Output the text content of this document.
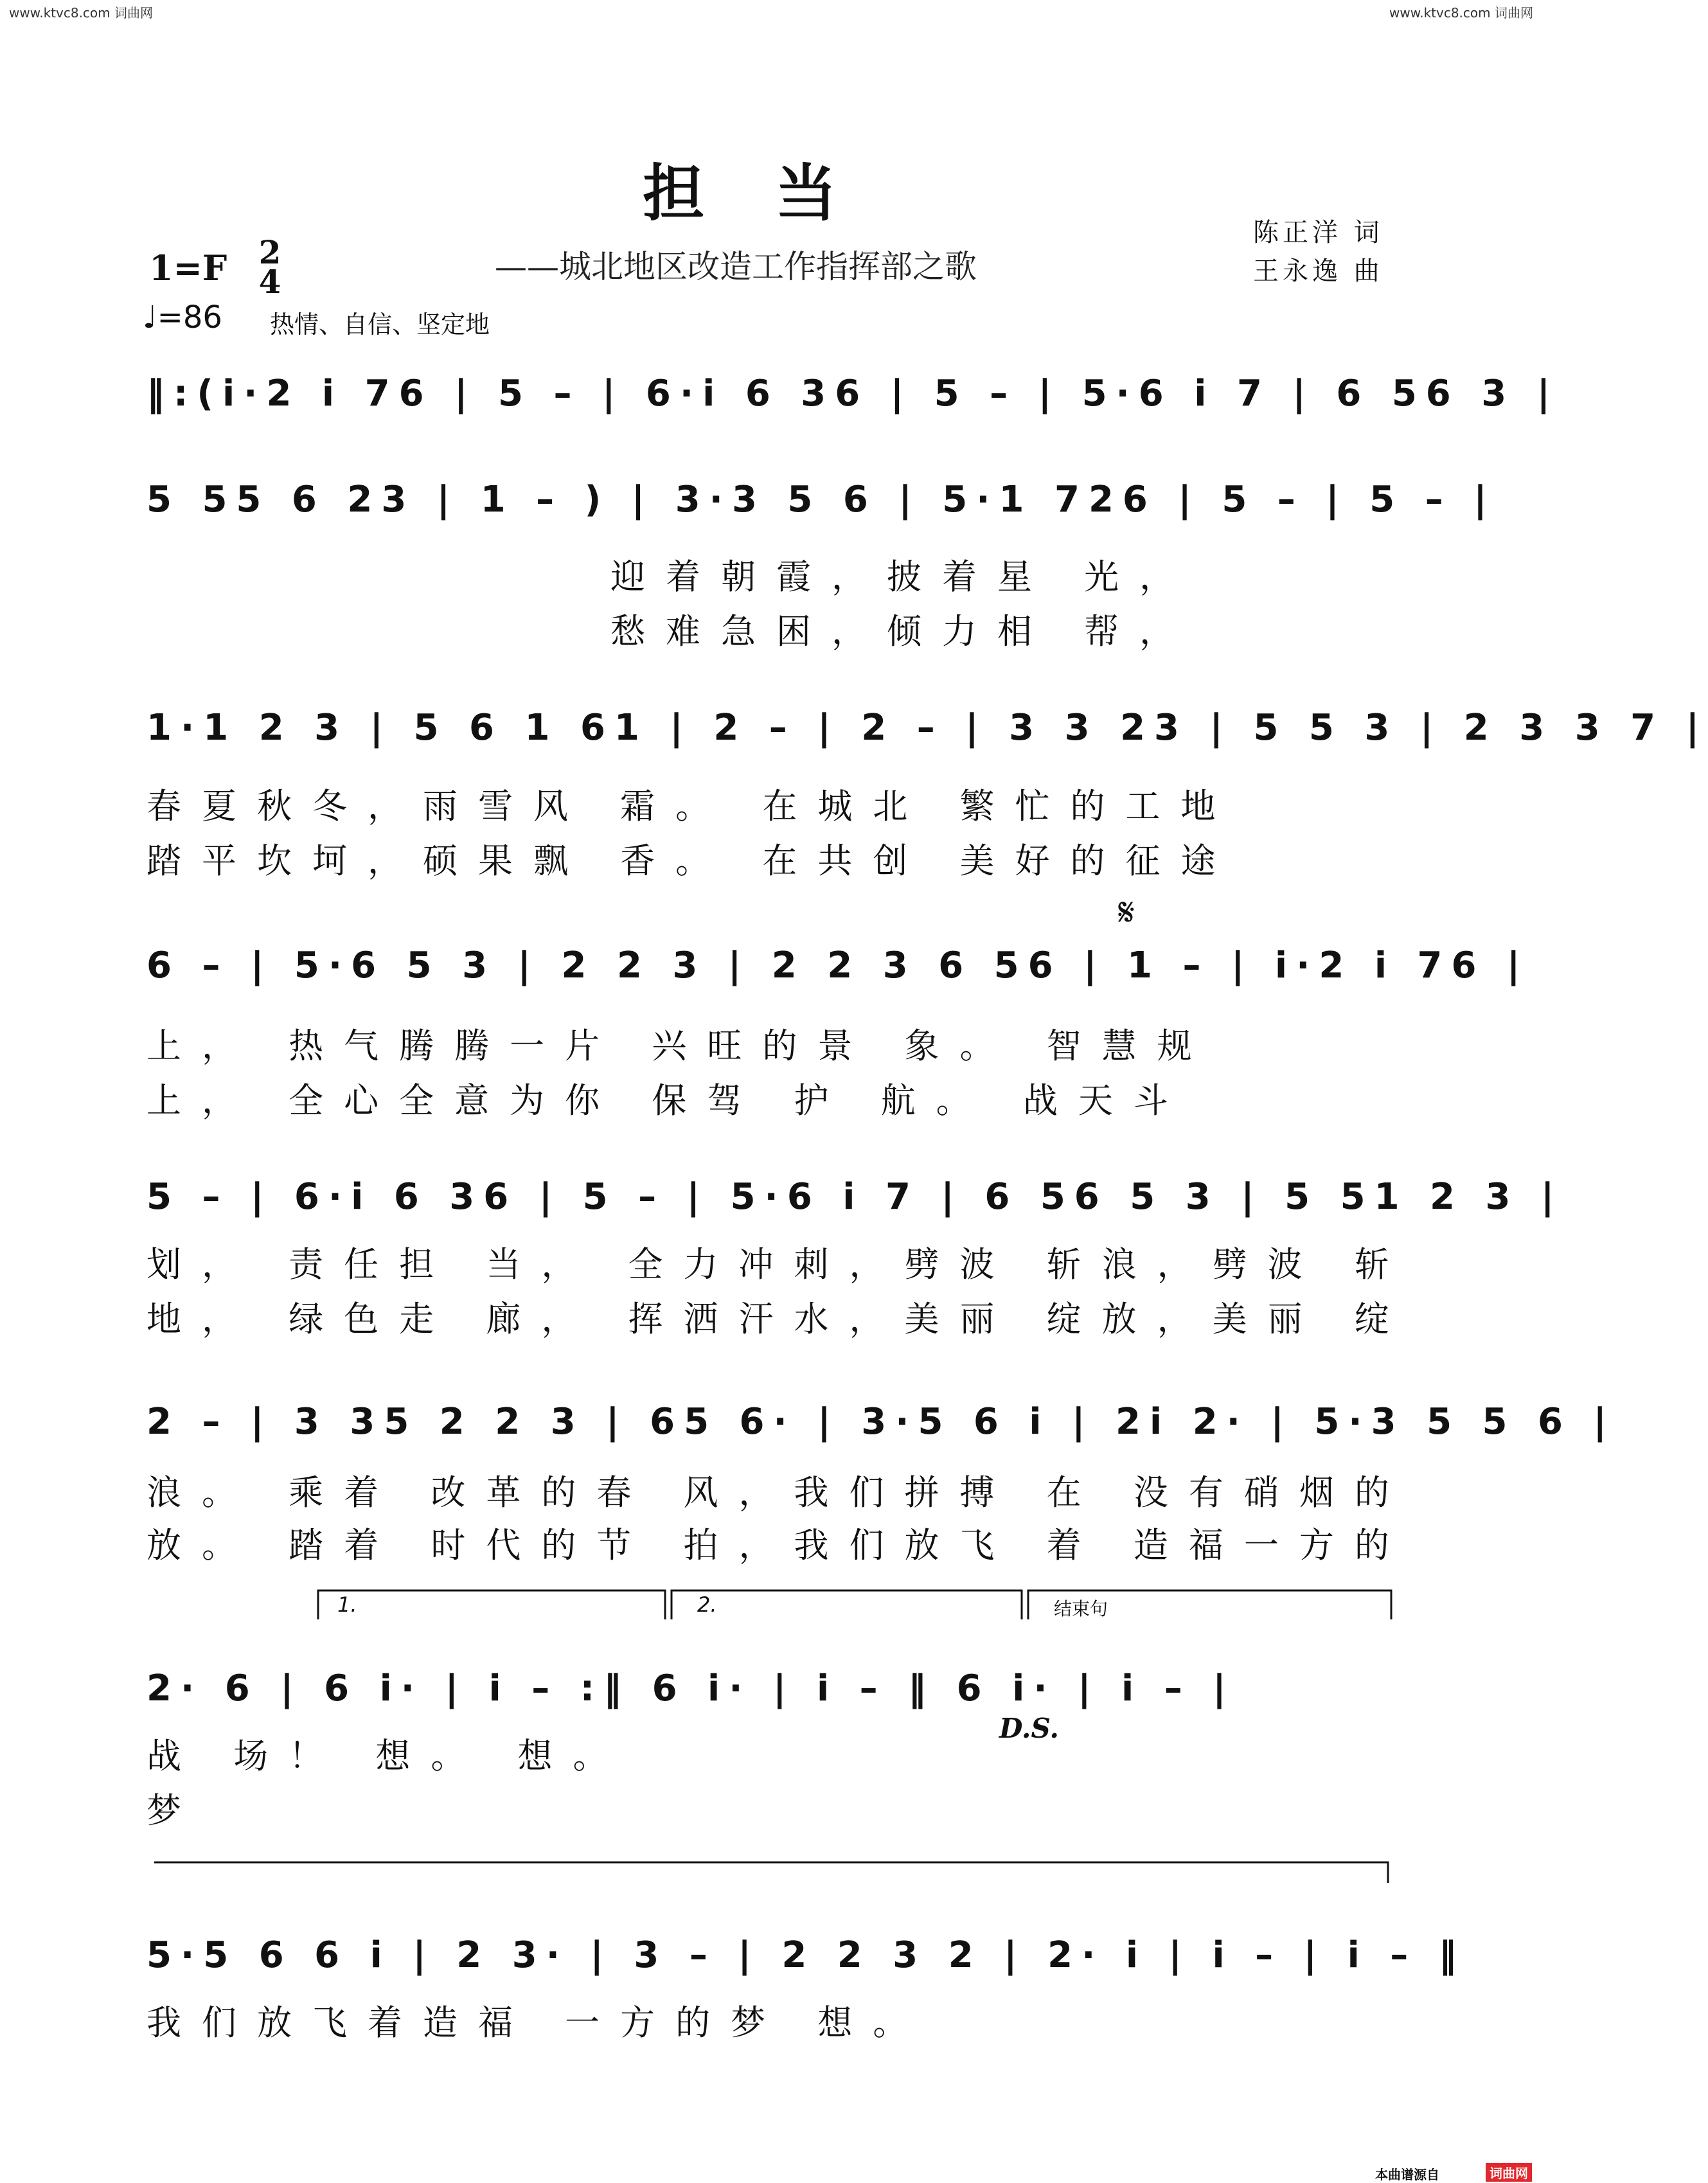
www.ktvc8.com 词曲网	www.ktvc8.com 词曲网
担当
——城北地区改造工作指挥部之歌
陈正洋 词
王永逸 曲
1=F 2
4
♩=86 热情、自信、坚定地
𝄋
D.S.
1.	2.	结束句
‖:(i·2 i 76 | 5 – | 6·i 6 36 | 5 – | 5·6 i 7 | 6 56 3 |
5 55 6 23 | 1 – ) | 3·3 5 6 | 5·1 726 | 5 – | 5 – |
迎着朝霞，披着星 光，
愁难急困，倾力相 帮，
1·1 2 3 | 5 6 1 61 | 2 – | 2 – | 3 3 23 | 5 5 3 | 2 3 3 7 |
春夏秋冬，雨雪风 霜。 在城北 繁忙的工地
踏平坎坷，硕果飘 香。 在共创 美好的征途
6 – | 5·6 5 3 | 2 2 3 | 2 2 3 6 56 | 1 – | i·2 i 76 |
上， 热气腾腾一片 兴旺的景 象。 智慧规
上， 全心全意为你 保驾 护 航。 战天斗
5 – | 6·i 6 36 | 5 – | 5·6 i 7 | 6 56 5 3 | 5 51 2 3 |
划， 责任担 当， 全力冲刺，劈波 斩浪，劈波 斩
地， 绿色走 廊， 挥洒汗水，美丽 绽放，美丽 绽
2 – | 3 35 2 2 3 | 65 6· | 3·5 6 i | 2i 2· | 5·3 5 5 6 |
浪。 乘着 改革的春 风，我们拼搏 在 没有硝烟的
放。 踏着 时代的节 拍，我们放飞 着 造福一方的
2· 6 | 6 i· | i – :‖ 6 i· | i – ‖ 6 i· | i – |
战 场！ 想。 想。
梦
5·5 6 6 i | 2 3· | 3 – | 2 2 3 2 | 2· i | i – | i – ‖
我们放飞着造福 一方的梦 想。
本曲谱源自	词曲网
